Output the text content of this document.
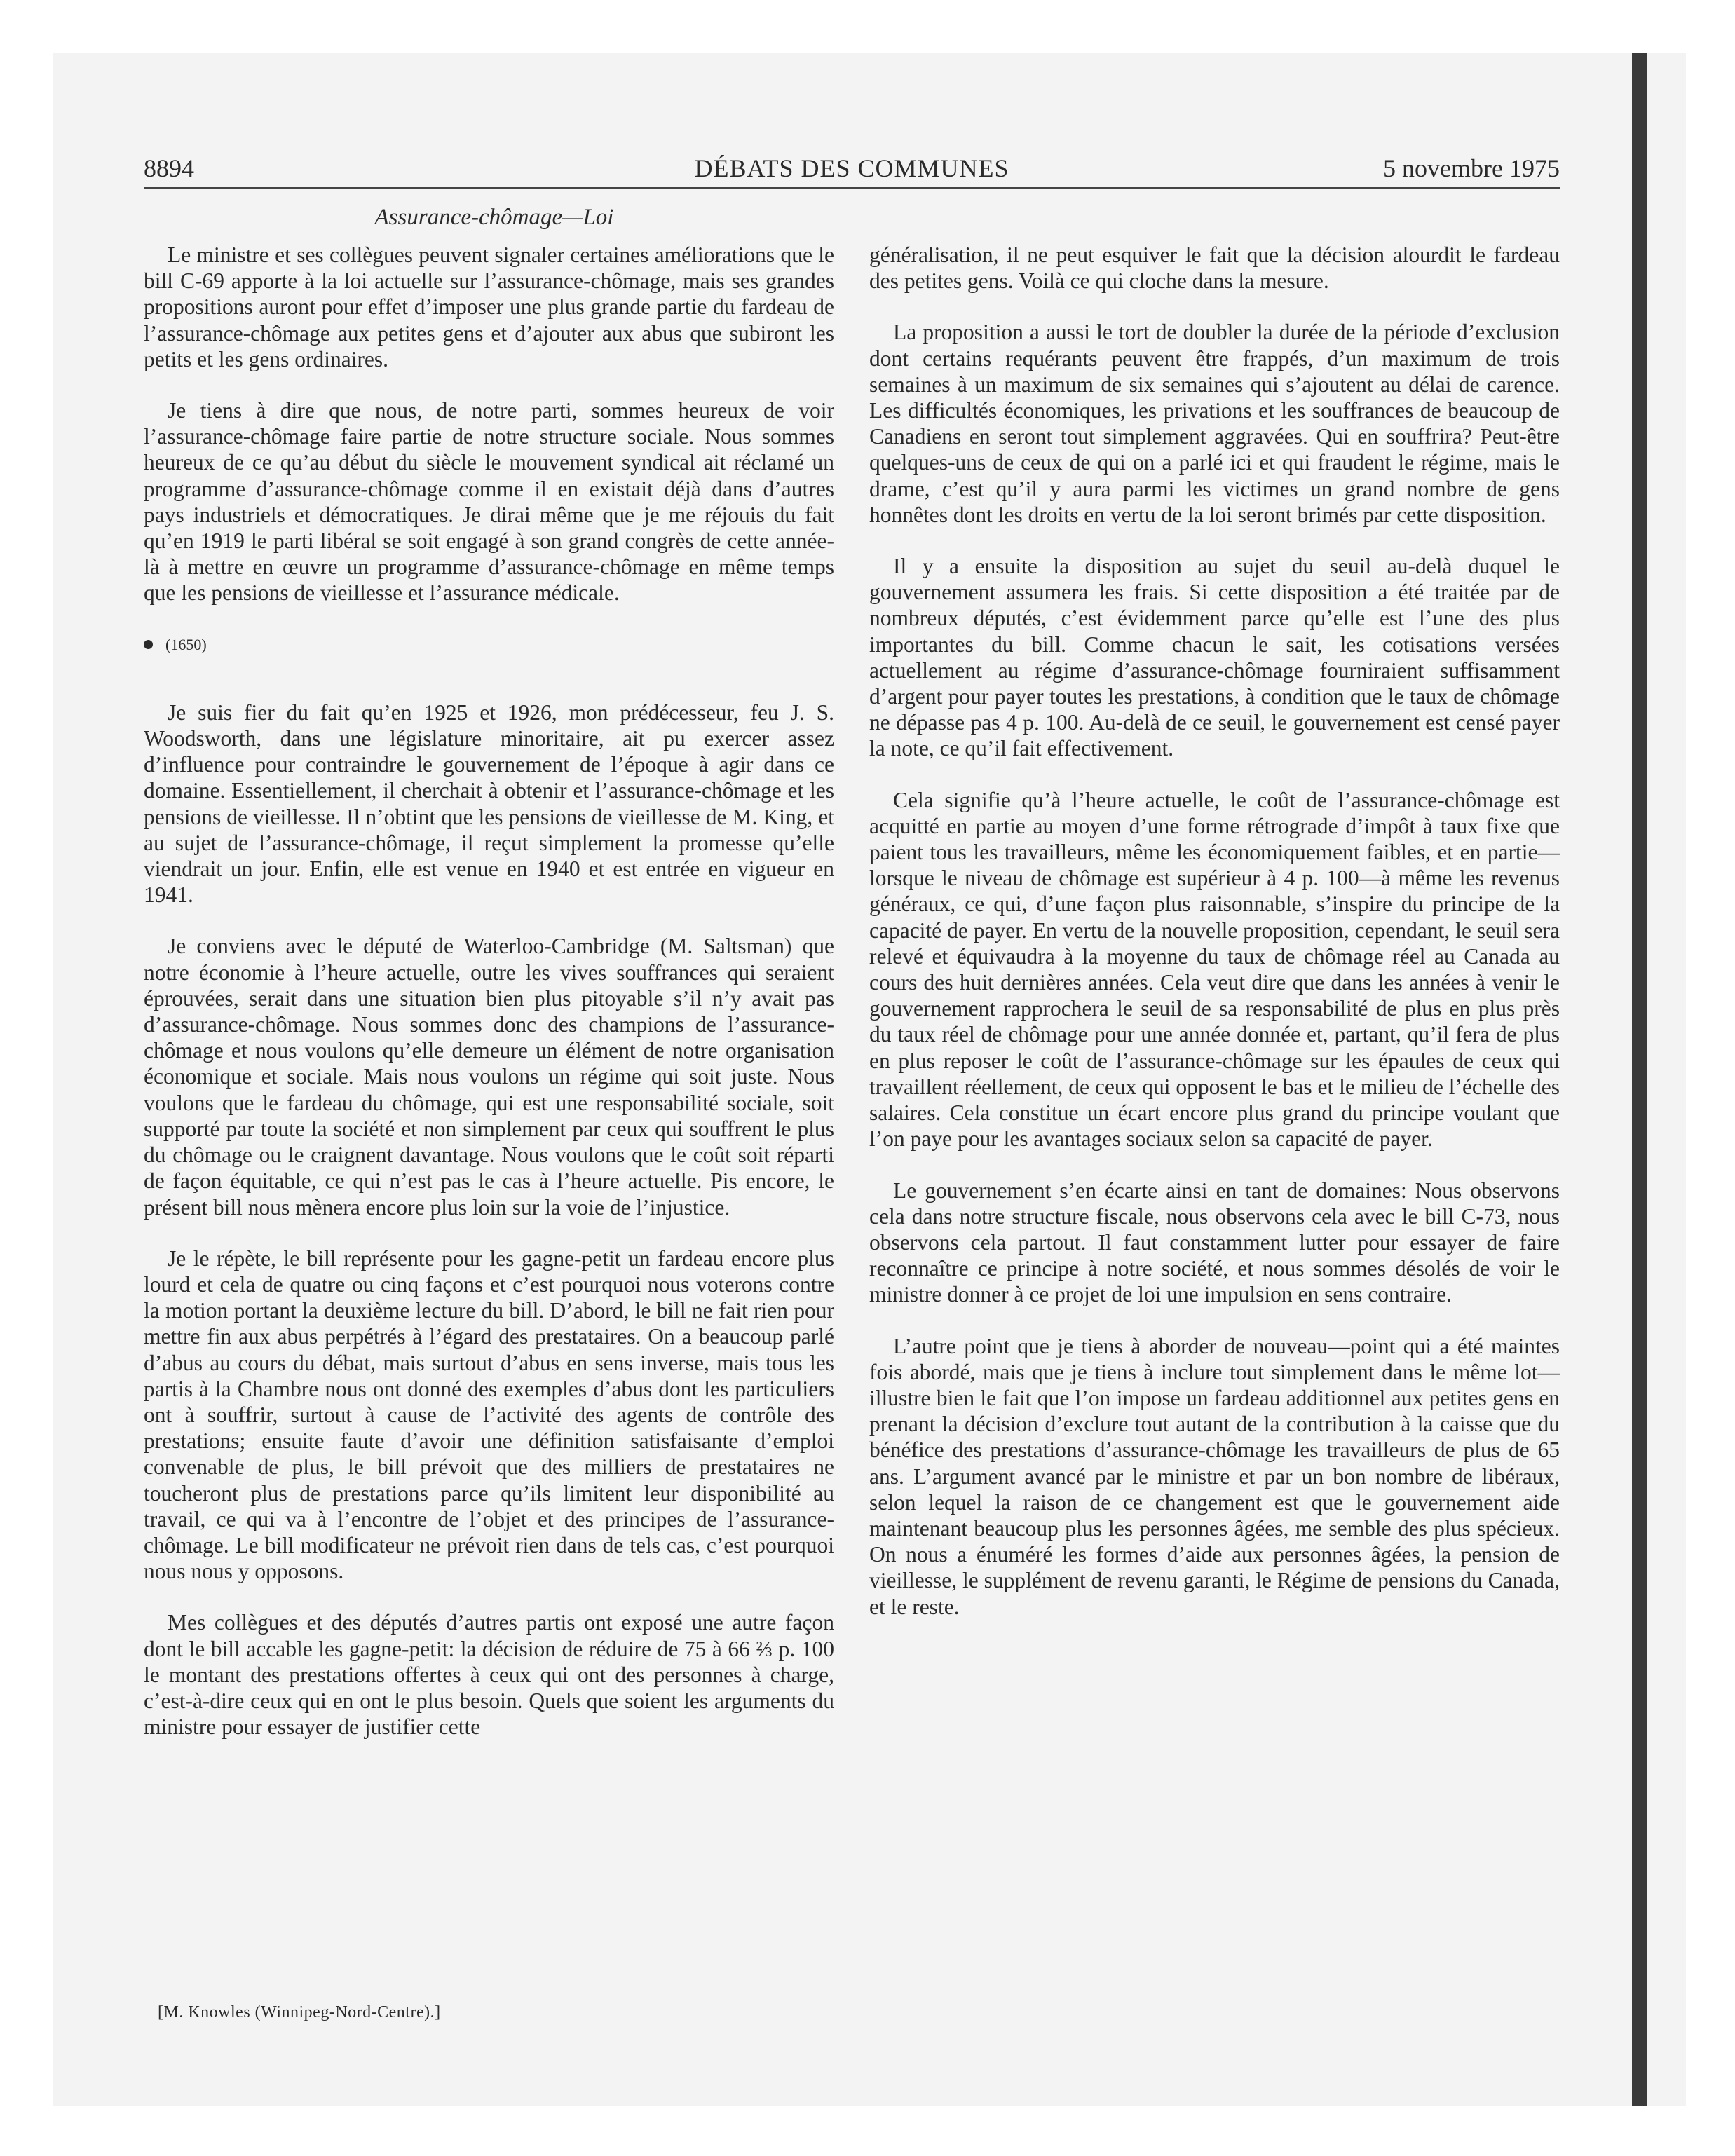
8894	DÉBATS DES COMMUNES	5 novembre 1975
Assurance-chômage—Loi

Le ministre et ses collègues peuvent signaler certaines améliorations que le bill C-69 apporte à la loi actuelle sur l’assurance-chômage, mais ses grandes propositions auront pour effet d’imposer une plus grande partie du fardeau de l’assurance-chômage aux petites gens et d’ajouter aux abus que subiront les petits et les gens ordinaires.

Je tiens à dire que nous, de notre parti, sommes heureux de voir l’assurance-chômage faire partie de notre structure sociale. Nous sommes heureux de ce qu’au début du siècle le mouvement syndical ait réclamé un programme d’assurance-chômage comme il en existait déjà dans d’autres pays industriels et démocratiques. Je dirai même que je me réjouis du fait qu’en 1919 le parti libéral se soit engagé à son grand congrès de cette année-là à mettre en œuvre un programme d’assurance-chômage en même temps que les pensions de vieillesse et l’assurance médicale.

(1650)

Je suis fier du fait qu’en 1925 et 1926, mon prédécesseur, feu J. S. Woodsworth, dans une législature minoritaire, ait pu exercer assez d’influence pour contraindre le gouvernement de l’époque à agir dans ce domaine. Essentiellement, il cherchait à obtenir et l’assurance-chômage et les pensions de vieillesse. Il n’obtint que les pensions de vieillesse de M. King, et au sujet de l’assurance-chômage, il reçut simplement la promesse qu’elle viendrait un jour. Enfin, elle est venue en 1940 et est entrée en vigueur en 1941.

Je conviens avec le député de Waterloo-Cambridge (M. Saltsman) que notre économie à l’heure actuelle, outre les vives souffrances qui seraient éprouvées, serait dans une situation bien plus pitoyable s’il n’y avait pas d’assurance-chômage. Nous sommes donc des champions de l’assurance-chômage et nous voulons qu’elle demeure un élément de notre organisation économique et sociale. Mais nous voulons un régime qui soit juste. Nous voulons que le fardeau du chômage, qui est une responsabilité sociale, soit supporté par toute la société et non simplement par ceux qui souffrent le plus du chômage ou le craignent davantage. Nous voulons que le coût soit réparti de façon équitable, ce qui n’est pas le cas à l’heure actuelle. Pis encore, le présent bill nous mènera encore plus loin sur la voie de l’injustice.

Je le répète, le bill représente pour les gagne-petit un fardeau encore plus lourd et cela de quatre ou cinq façons et c’est pourquoi nous voterons contre la motion portant la deuxième lecture du bill. D’abord, le bill ne fait rien pour mettre fin aux abus perpétrés à l’égard des prestataires. On a beaucoup parlé d’abus au cours du débat, mais surtout d’abus en sens inverse, mais tous les partis à la Chambre nous ont donné des exemples d’abus dont les particuliers ont à souffrir, surtout à cause de l’activité des agents de contrôle des prestations; ensuite faute d’avoir une définition satisfaisante d’emploi convenable de plus, le bill prévoit que des milliers de prestataires ne toucheront plus de prestations parce qu’ils limitent leur disponibilité au travail, ce qui va à l’encontre de l’objet et des principes de l’assurance-chômage. Le bill modificateur ne prévoit rien dans de tels cas, c’est pourquoi nous nous y opposons.

Mes collègues et des députés d’autres partis ont exposé une autre façon dont le bill accable les gagne-petit: la décision de réduire de 75 à 66 ⅔ p. 100 le montant des prestations offertes à ceux qui ont des personnes à charge, c’est-à-dire ceux qui en ont le plus besoin. Quels que soient les arguments du ministre pour essayer de justifier cette

généralisation, il ne peut esquiver le fait que la décision alourdit le fardeau des petites gens. Voilà ce qui cloche dans la mesure.

La proposition a aussi le tort de doubler la durée de la période d’exclusion dont certains requérants peuvent être frappés, d’un maximum de trois semaines à un maximum de six semaines qui s’ajoutent au délai de carence. Les difficultés économiques, les privations et les souffrances de beaucoup de Canadiens en seront tout simplement aggravées. Qui en souffrira? Peut-être quelques-uns de ceux de qui on a parlé ici et qui fraudent le régime, mais le drame, c’est qu’il y aura parmi les victimes un grand nombre de gens honnêtes dont les droits en vertu de la loi seront brimés par cette disposition.

Il y a ensuite la disposition au sujet du seuil au-delà duquel le gouvernement assumera les frais. Si cette disposition a été traitée par de nombreux députés, c’est évidemment parce qu’elle est l’une des plus importantes du bill. Comme chacun le sait, les cotisations versées actuellement au régime d’assurance-chômage fourniraient suffisamment d’argent pour payer toutes les prestations, à condition que le taux de chômage ne dépasse pas 4 p. 100. Au-delà de ce seuil, le gouvernement est censé payer la note, ce qu’il fait effectivement.

Cela signifie qu’à l’heure actuelle, le coût de l’assurance-chômage est acquitté en partie au moyen d’une forme rétrograde d’impôt à taux fixe que paient tous les travailleurs, même les économiquement faibles, et en partie—lorsque le niveau de chômage est supérieur à 4 p. 100—à même les revenus généraux, ce qui, d’une façon plus raisonnable, s’inspire du principe de la capacité de payer. En vertu de la nouvelle proposition, cependant, le seuil sera relevé et équivaudra à la moyenne du taux de chômage réel au Canada au cours des huit dernières années. Cela veut dire que dans les années à venir le gouvernement rapprochera le seuil de sa responsabilité de plus en plus près du taux réel de chômage pour une année donnée et, partant, qu’il fera de plus en plus reposer le coût de l’assurance-chômage sur les épaules de ceux qui travaillent réellement, de ceux qui opposent le bas et le milieu de l’échelle des salaires. Cela constitue un écart encore plus grand du principe voulant que l’on paye pour les avantages sociaux selon sa capacité de payer.

Le gouvernement s’en écarte ainsi en tant de domaines: Nous observons cela dans notre structure fiscale, nous observons cela avec le bill C-73, nous observons cela partout. Il faut constamment lutter pour essayer de faire reconnaître ce principe à notre société, et nous sommes désolés de voir le ministre donner à ce projet de loi une impulsion en sens contraire.

L’autre point que je tiens à aborder de nouveau—point qui a été maintes fois abordé, mais que je tiens à inclure tout simplement dans le même lot—illustre bien le fait que l’on impose un fardeau additionnel aux petites gens en prenant la décision d’exclure tout autant de la contribution à la caisse que du bénéfice des prestations d’assurance-chômage les travailleurs de plus de 65 ans. L’argument avancé par le ministre et par un bon nombre de libéraux, selon lequel la raison de ce changement est que le gouvernement aide maintenant beaucoup plus les personnes âgées, me semble des plus spécieux. On nous a énuméré les formes d’aide aux personnes âgées, la pension de vieillesse, le supplément de revenu garanti, le Régime de pensions du Canada, et le reste.

[M. Knowles (Winnipeg-Nord-Centre).]
